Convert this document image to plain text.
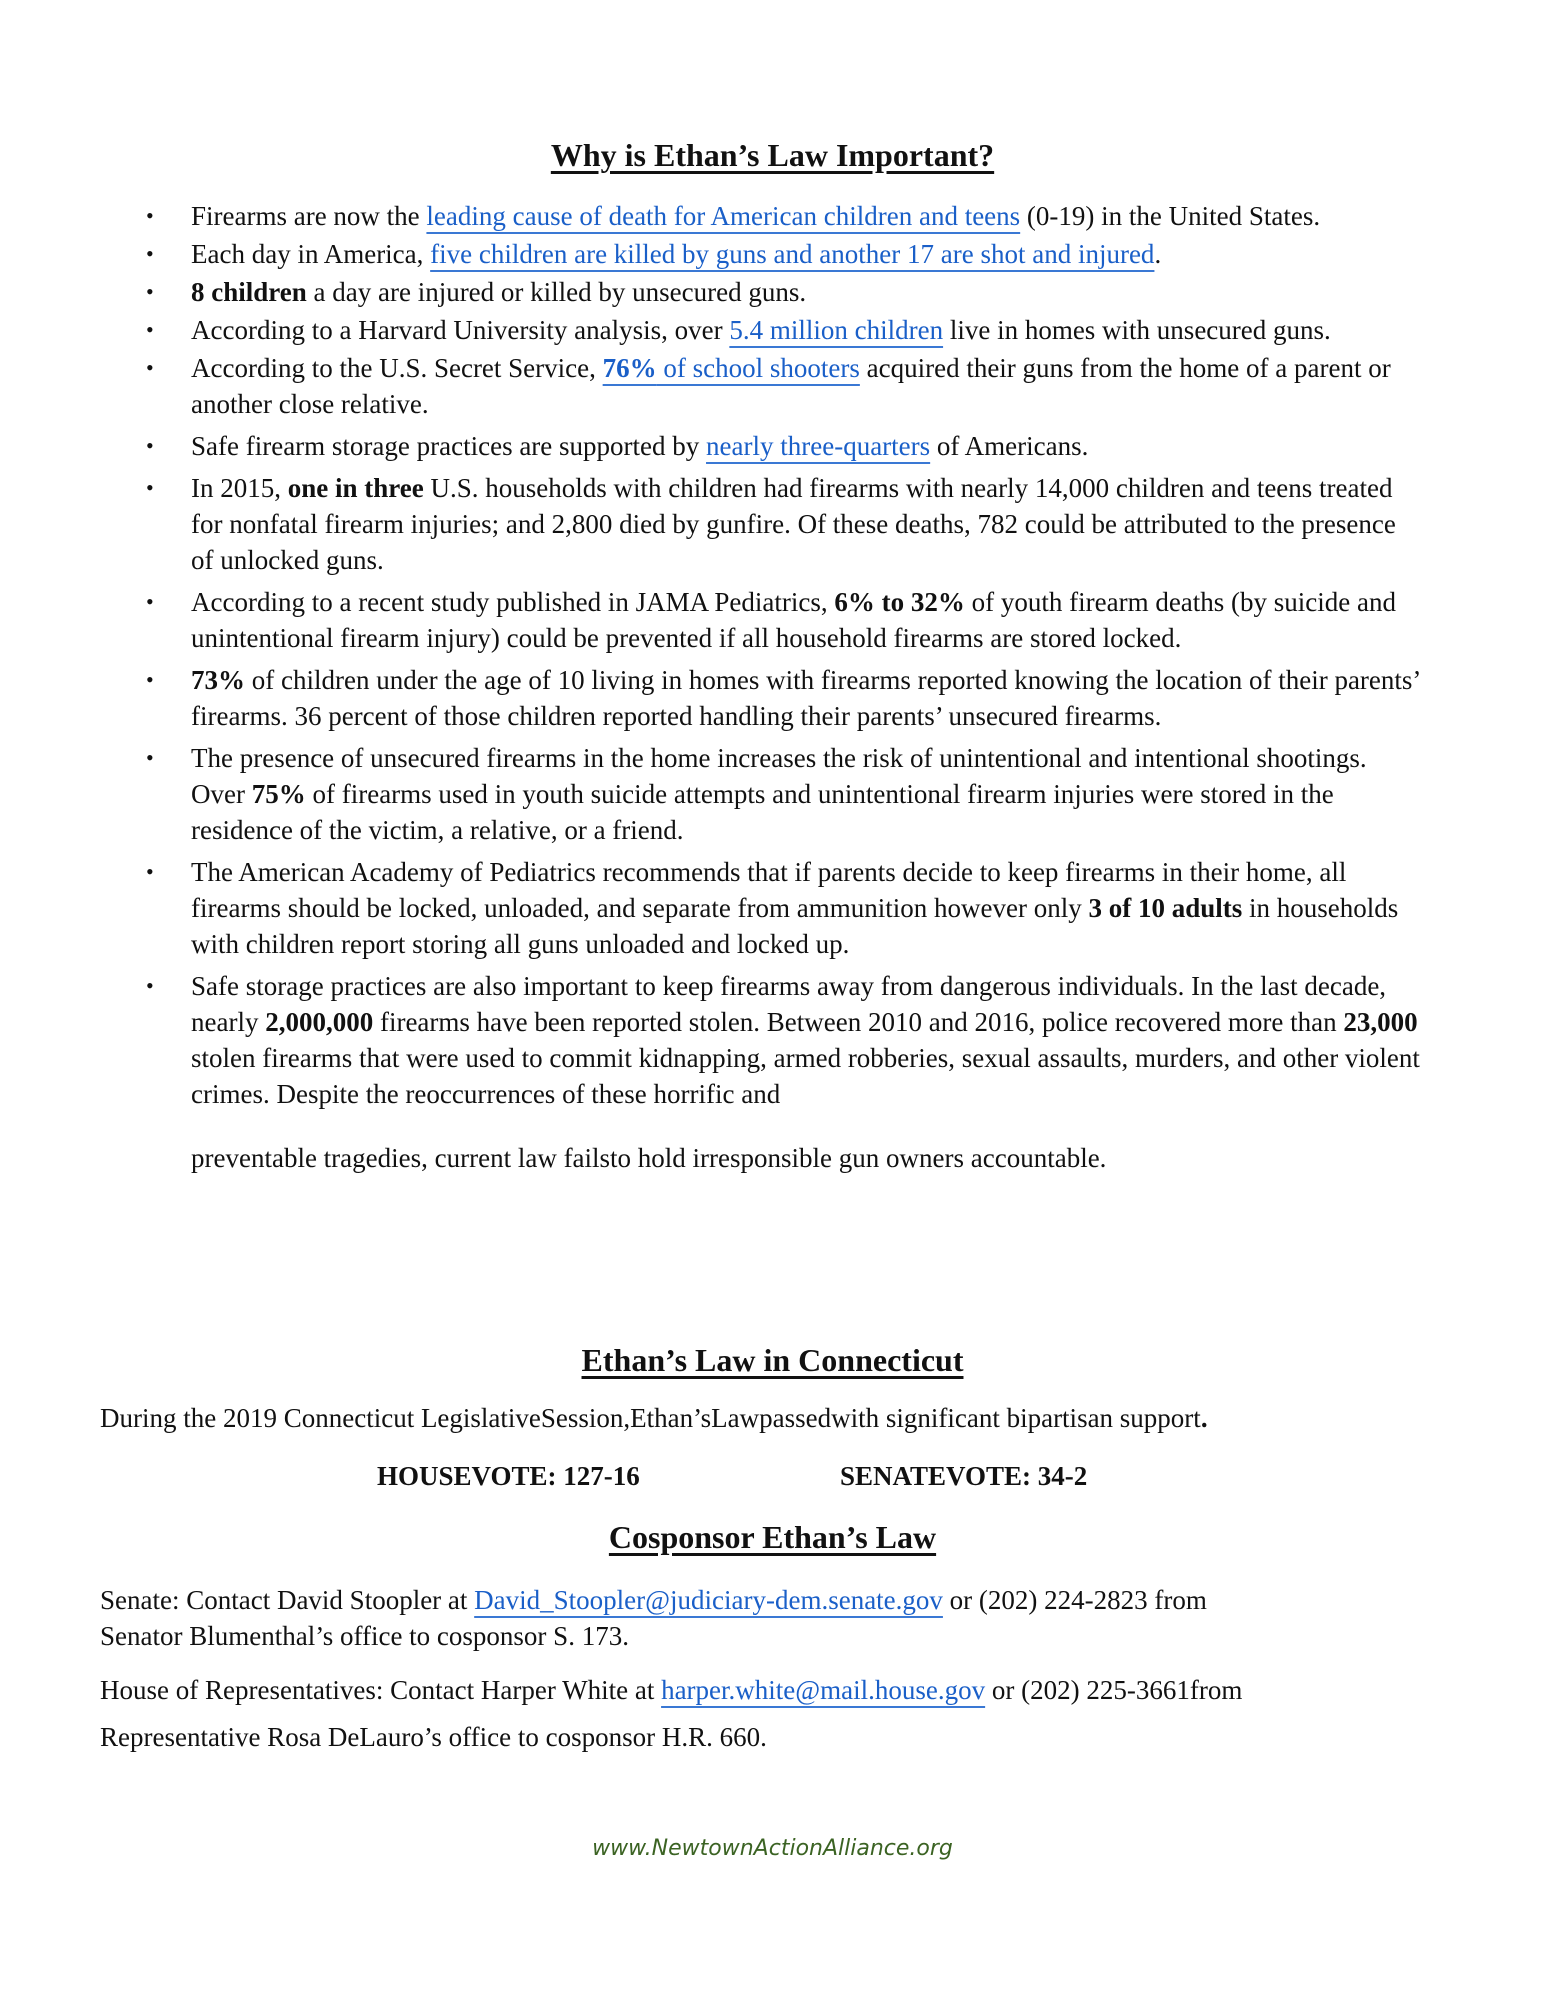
Why is Ethan’s Law Important?
• Firearms are now the leading cause of death for American children and teens (0-19) in the United States.
• Each day in America, five children are killed by guns and another 17 are shot and injured.
• 8 children a day are injured or killed by unsecured guns.
• According to a Harvard University analysis, over 5.4 million children live in homes with unsecured guns.
• According to the U.S. Secret Service, 76% of school shooters acquired their guns from the home of a parent or another close relative.
• Safe firearm storage practices are supported by nearly three-quarters of Americans.
• In 2015, one in three U.S. households with children had firearms with nearly 14,000 children and teens treated for nonfatal firearm injuries; and 2,800 died by gunfire. Of these deaths, 782 could be attributed to the presence of unlocked guns.
• According to a recent study published in JAMA Pediatrics, 6% to 32% of youth firearm deaths (by suicide and unintentional firearm injury) could be prevented if all household firearms are stored locked.
• 73% of children under the age of 10 living in homes with firearms reported knowing the location of their parents’ firearms. 36 percent of those children reported handling their parents’ unsecured firearms.
• The presence of unsecured firearms in the home increases the risk of unintentional and intentional shootings. Over 75% of firearms used in youth suicide attempts and unintentional firearm injuries were stored in the residence of the victim, a relative, or a friend.
• The American Academy of Pediatrics recommends that if parents decide to keep firearms in their home, all firearms should be locked, unloaded, and separate from ammunition however only 3 of 10 adults in households with children report storing all guns unloaded and locked up.
• Safe storage practices are also important to keep firearms away from dangerous individuals. In the last decade, nearly 2,000,000 firearms have been reported stolen. Between 2010 and 2016, police recovered more than 23,000 stolen firearms that were used to commit kidnapping, armed robberies, sexual assaults, murders, and other violent crimes. Despite the reoccurrences of these horrific and
preventable tragedies, current law failsto hold irresponsible gun owners accountable.
Ethan’s Law in Connecticut
During the 2019 Connecticut LegislativeSession,Ethan’sLawpassedwith significant bipartisan support.
HOUSEVOTE: 127-16	SENATEVOTE: 34-2
Cosponsor Ethan’s Law
Senate: Contact David Stoopler at David_Stoopler@judiciary-dem.senate.gov or (202) 224-2823 from
Senator Blumenthal’s office to cosponsor S. 173.
House of Representatives: Contact Harper White at harper.white@mail.house.gov or (202) 225-3661from
Representative Rosa DeLauro’s office to cosponsor H.R. 660.
www.NewtownActionAlliance.org
